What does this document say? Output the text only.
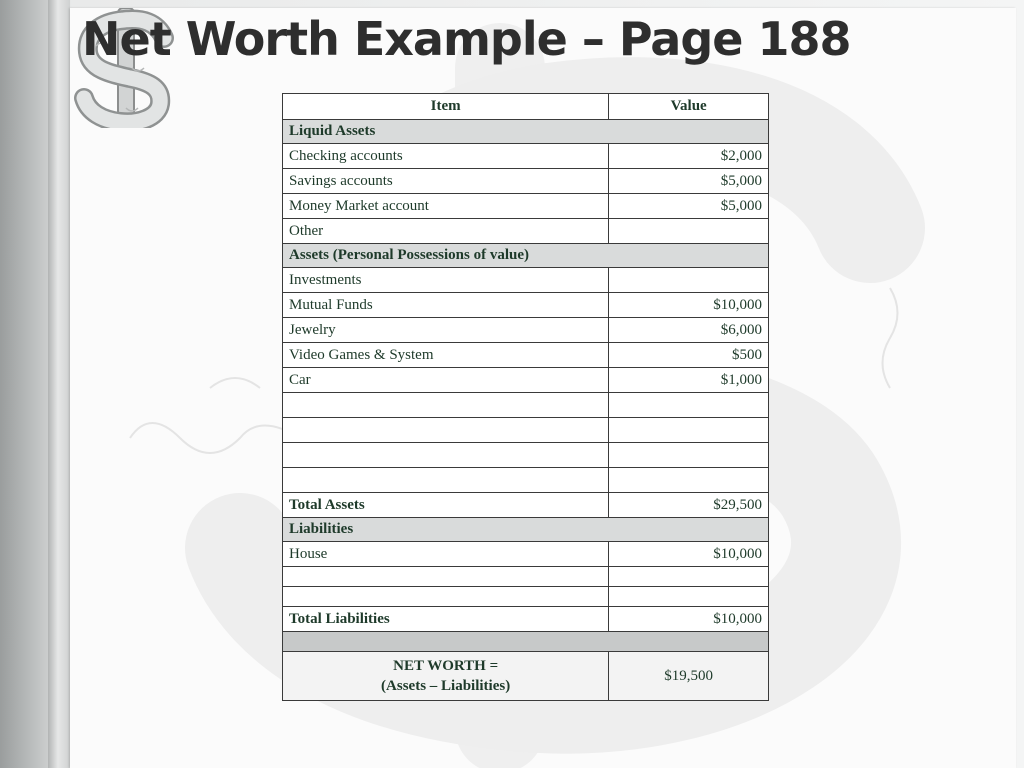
Net Worth Example – Page 188
Item	Value
Liquid Assets	
Checking accounts	$2,000
Savings accounts	$5,000
Money Market account	$5,000
Other	
Assets (Personal Possessions of value)	
Investments	
Mutual Funds	$10,000
Jewelry	$6,000
Video Games & System	$500
Car	$1,000

Total Assets	$29,500
Liabilities	
House	$10,000

Total Liabilities	$10,000

NET WORTH =
(Assets – Liabilities)	$19,500
